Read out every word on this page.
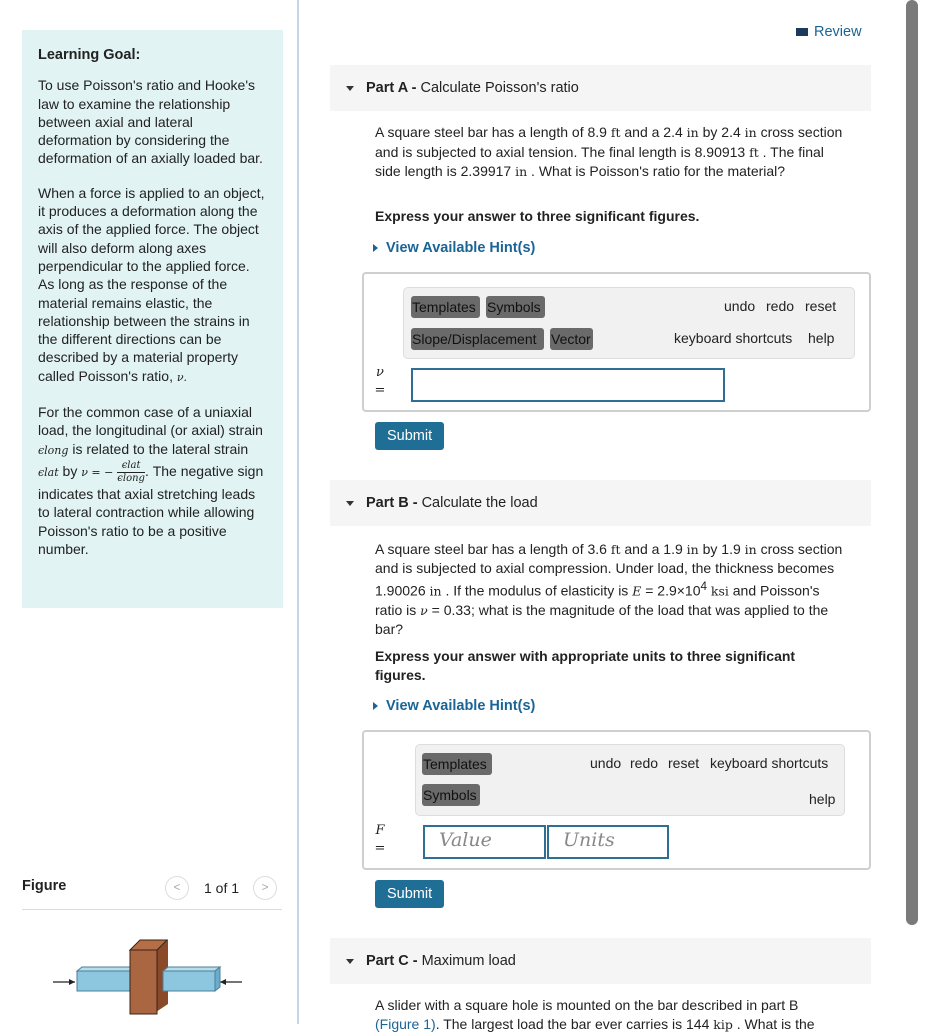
Learning Goal:

To use Poisson's ratio and Hooke's law to examine the relationship between axial and lateral deformation by considering the deformation of an axially loaded bar.

When a force is applied to an object, it produces a deformation along the axis of the applied force. The object will also deform along axes perpendicular to the applied force. As long as the response of the material remains elastic, the relationship between the strains in the different directions can be described by a material property called Poisson's ratio, ν.

For the common case of a uniaxial load, the longitudinal (or axial) strain ϵlong is related to the lateral strain ϵlat by ν = − $\frac{\text{ϵlat}}{\text{ϵlong}}$ . The negative sign indicates that axial stretching leads to lateral contraction while allowing Poisson's ratio to be a positive number.

Figure	<	1 of 1	>
Review
Part A - Calculate Poisson's ratio
A square steel bar has a length of 8.9 ft and a 2.4 in by 2.4 in cross section and is subjected to axial tension. The final length is 8.90913 ft . The final side length is 2.39917 in . What is Poisson's ratio for the material?
Express your answer to three significant figures.
View Available Hint(s)
Templates Symbols
Slope/Displacement	Vector
undo redo reset
keyboard shortcuts help
ν
=
Submit
Part B - Calculate the load
A square steel bar has a length of 3.6 ft and a 1.9 in by 1.9 in cross section and is subjected to axial compression. Under load, the thickness becomes 1.90026 in . If the modulus of elasticity is $E = 2.9\times 10^4$ ksi and Poisson's ratio is ν = 0.33; what is the magnitude of the load that was applied to the bar?
Express your answer with appropriate units to three significant figures.
View Available Hint(s)
Templates
Symbols
undo redo reset keyboard shortcuts
help
F
=	Value	Units
Submit
Part C - Maximum load
A slider with a square hole is mounted on the bar described in part B (Figure 1). The largest load the bar ever carries is 144 kip . What is the
